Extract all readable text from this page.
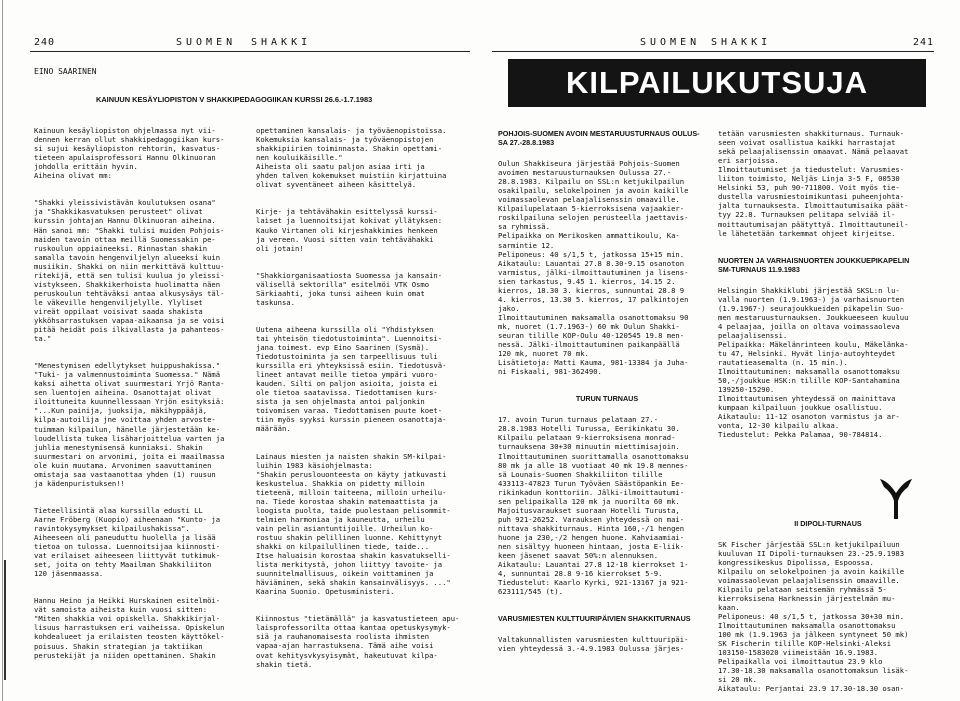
240	SUOMEN SHAKKI	SUOMEN SHAKKI	241
EINO SAARINEN
KAINUUN KESÄYLIOPISTON V SHAKKIPEDAGOGIIKAN KURSSI 26.6.-1.7.1983

Kainuun kesäyliopiston ohjelmassa nyt vii-
dennen kerran ollut shakkipedagogiikan kurs-
si sujui kesäyliopiston rehtorin, kasvatus-
tieteen apulaisprofessori Hannu Olkinuoran
johdolla erittäin hyvin.
Aiheina olivat mm:

"Shakki yleissivistävän koulutuksen osana"
ja "Shakkikasvatuksen perusteet" olivat
kurssin johtajan Hannu Olkinuoran aiheina.
Hän sanoi mm: "Shakki tulisi muiden Pohjois-
maiden tavoin ottaa meillä Suomessakin pe-
ruskoulun oppiaineeksi. Rinnastan shakin
samalla tavoin hengenviljelyn alueeksi kuin
musiikin. Shakki on niin merkittävä kulttuu-
ritekijä, että sen tulisi kuulua jo yleissi-
vistykseen. Shakkikerhoista huolimatta näen
peruskoulun tehtäväksi antaa alkusysäys täl-
le väkeville hengenviljelylle. Ylyliset
vireät oppilaat voisivat saada shakista
ykköhsarrastuksen vapaa-aikaansa ja se voisi
pitää heidät pois ilkivallasta ja pahanteos-
ta."

"Menestymisen edellytykset huippushakissa."
"Tuki- ja valmennustoiminta Suomessa." Nämä
kaksi aihetta olivat suurmestari Yrjö Ranta-
sen luentojen aiheina. Osanottajat olivat
iloittuneita kuunnellessaan Yrjön esityksiä:
"...Kun painija, juoksija, mäkihyppääjä,
kilpa-autoilija jne voittaa yhden arvoste-
tuimman kilpailun, hänelle järjestetään ke-
loudellista tukea lisäharjoittelua varten ja
juhlia menestymisensä kunniaksi. Shakin
suurmestari on arvonimi, joita ei maailmassa
ole kuin muutama. Arvonimen saavuttaminen
omistaja saa vastaanottaa yhden (1) ruusun
ja kädenpuristuksen!!

Tieteellisintä alaa kurssilla edusti LL
Aarne Fröberg (Kuopio) aiheenaan "Kunto- ja
ravintokysymykset kilpailushakissa".
Aiheeseen oli paneuduttu huolella ja lisää
tietoa on tulossa. Luennoitsijaa kiinnosti-
vat erilaiset aiheeseen liittyvät tutkimuk-
set, joita on tehty Maailman Shakkiliiton
120 jäsenmaassa.

Hannu Heino ja Heikki Hurskainen esitelmöi-
vät samoista aiheista kuin vuosi sitten:
"Miten shakkia voi opiskella. Shakkikirjal-
lisuus harrastuksen eri vaiheissa. Opiskelun
kohdealueet ja erilaisten teosten käyttökel-
poisuus. Shakin strategian ja taktiikan
perustekijät ja niiden opettaminen. Shakin

opettaminen kansalais- ja työväenopistoissa.
Kokemuksia kansalais- ja työväenopistojen
shakkipiirien toiminnasta. Shakin opettami-
nen kouluikäisille."
Aiheista oli saatu paljon asiaa irti ja
yhden talven kokemukset muistiin kirjattuina
olivat syventäneet aiheen käsittelyä.

Kirje- ja tehtävähakin esittelyssä kurssi-
laiset ja luennoitsijat kokivat yllätyksen:
Kauko Virtanen oli kirjeshakkimies henkeen
ja vereen. Vuosi sitten vain tehtävähakki
oli jotain!

"Shakkiorganisaatiosta Suomessa ja kansain-
välisellä sektorilla" esitelmöi VTK Osmo
Särkiaahti, joka tunsi aiheen kuin omat
taskunsa.

Uutena aiheena kurssilla oli "Yhdistyksen
tai yhteisön tiedotustoiminta". Luennoitsi-
jana toimest. evp Eino Saarinen (Sysmä).
Tiedotustoiminta ja sen tarpeellisuus tuli
kurssilla eri yhteyksissä esiin. Tiedotusvä-
lineet antavat meille tietoa ympäri vuoro-
kauden. Silti on paljon asioita, joista ei
ole tietoa saatavissa. Tiedottamisen kurs-
sista ja sen ohjelmasta antoi paljonkin
toivomisen varaa. Tiedottamisen puute koet-
tiin myös syyksi kurssin pieneen osanottaja-
määrään.

Lainaus miesten ja naisten shakin SM-kilpai-
luihin 1983 käsiohjelmasta:
"Shakin peruslouonteesta on käyty jatkuvasti
keskustelua. Shakkia on pidetty milloin
tieteenä, milloin taiteena, milloin urheilu-
na. Tiede korostaa shakin matemaattista ja
loogista puolta, taide puolestaan pelisommit-
telmien harmoniaa ja kauneutta, urheilu
vain pelin asiantuntijoille. Urheilun ko-
rostuu shakin pelillinen luonne. Kehittynyt
shakki on kilpailullinen tiede, taide...
Itse haluaisin korostaa shakin kasvatukselli-
lista merkitystä, johon liittyy tavoite- ja
suunnitelmallisuus, oikein voittaminen ja
häviäminen, sekä shakin kansainvälisyys. ..."
Kaarina Suonio. Opetusministeri.

Kiinnostus "tietämällä" ja kasvatustieteen apu-
laisprofessorilta ottaa kantaa opetuskysymyk-
siä ja rauhanomaisesta roolista ihmisten
vapaa-ajan harrastuksena. Tämä aihe voisi
ovat kehitysvkysyisymät, hakeutuvat kilpa-
shakin tietä.

KILPAILUKUTSUJA

POHJOIS-SUOMEN AVOIN MESTARUUSTURNAUS OULUS-
SA 27.-28.8.1983

Oulun Shakkiseura järjestää Pohjois-Suomen
avoimen mestaruusturnauksen Oulussa 27.-
28.8.1983. Kilpailu on SSL:n ketjukilpailun
osakilpailu, selokelpoinen ja avoin kaikille
voimassaolevan pelaajalisenssin omaaville.
Kilpailupelataan 5-kierroksisena vajaakier-
roskilpailuna selojen perusteella jaettavis-
sa ryhmissä.
Pelipaikka on Merikosken ammattikoulu, Ka-
sarmintie 12.
Peliponeus: 40 s/1,5 t, jatkossa 15+15 min.
Aikataulu: Lauantai 27.8 8.30-9.15 osanoton
varmistus, jälki-ilmoittautuminen ja lisens-
sien tarkastus, 9.45 1. kierros, 14.15 2.
kierros, 18.30 3. kierros, sunnuntai 28.8 9
4. kierros, 13.30 5. kierros, 17 palkintojen
jako.
Ilmoittautuminen maksamalla osanottomaksu 90
mk, nuoret (1.7.1963-) 60 mk Oulun Shakki-
seuran tilille KOP-Oulu 40-120545 19.8 men-
nessä. Jälki-ilmoittautuminen paikanpäällä
120 mk, nuoret 70 mk.
Lisätietoja: Matti Kauma, 981-13384 ja Juha-
ni Fiskaali, 981-362490.

TURUN TURNAUS

17. avoin Turun turnaus pelataan 27.-
28.8.1983 Hotelli Turussa, Eerikinkatu 30.
Kilpailu pelataan 9-kierroksisena monrad-
turnauksena 30+30 minuutin miettimisajoin.
Ilmoittautuminen suorittamalla osanottomaksu
80 mk ja alle 18 vuotiaat 40 mk 19.8 mennes-
sä Lounais-Suomen Shakkiliiton tilille
433113-47823 Turun Työväen Säästöpankin Ee-
rikinkadun konttoriin. Jälki-ilmoittautumi-
sen pelipaikalla 120 mk ja nuorilta 60 mk.
Majoitusvaraukset suoraan Hotelli Turusta,
puh 921-26252. Varauksen yhteydessä on mai-
nittava shakkiturnaus. Hinta 160,-/1 hengen
huone ja 230,-/2 hengen huone. Kahviaamiai-
nen sisältyy huoneen hintaan, josta E-liik-
keen jäsenet saavat 50%:n alennuksen.
Aikataulu: Lauantai 27.8 12-18 kierrokset 1-
4, sunnuntai 28.8 9-16 kierrokset 5-9.
Tiedustelut: Kaarlo Kyrki, 921-13167 ja 921-
623111/545 (t).

VARUSMIESTEN KULTTUURIPÄIVIEN SHAKKITURNAUS

Valtakunnallisten varusmiesten kulttuuripäi-
vien yhteydessä 3.-4.9.1983 Oulussa järjes-

tetään varusmiesten shakkiturnaus. Turnauk-
seen voivat osallistua kaikki harrastajat
sekä pelaajalisenssin omaavat. Nämä pelaavat
eri sarjoissa.
Ilmoittautumiset ja tiedustelut: Varusmies-
liiton toimisto, Neljäs Linja 3-5 F, 00530
Helsinki 53, puh 90-711800. Voit myös tie-
dustella varusmiestoimikuntasi puheenjohta-
jalta turnauksesta. Ilmoittautumisaika päät-
tyy 22.8. Turnauksen pelitapa selviää il-
moittautumisajan päätyttyä. Ilmoittautuneil-
le lähetetään tarkemmat ohjeet kirjeitse.

NUORTEN JA VARHAISNUORTEN JOUKKUEPIKAPELIN
SM-TURNAUS 11.9.1983

Helsingin Shakkiklubi järjestää SKSL:n lu-
valla nuorten (1.9.1963-) ja varhaisnuorten
(1.9.1967-) seurajoukkueiden pikapelin Suo-
men mestaruusturnauksen. Joukkueeseen kuuluu
4 pelaajaa, joilla on oltava voimassaoleva
pelaajalisenssi.
Pelipaikka: Mäkelänrinteen koulu, Mäkelänka-
tu 47, Helsinki. Hyvät linja-autoyhteydet
rautatieasemalta (n. 15 min.).
Ilmoittautuminen: maksamalla osanottomaksu
50,-/joukkue HSK:n tilille KOP-Santahamina
139250-15290.
Ilmoittautumisen yhteydessä on mainittava
kumpaan kilpailuun joukkue osallistuu.
Aikataulu: 11-12 osanoton varmistus ja ar-
vonta, 12-30 kilpailu alkaa.
Tiedustelut: Pekka Palamaa, 90-784814.

II DIPOLI-TURNAUS

SK Fischer järjestää SSL:n ketjukilpailuun
kuuluvan II Dipoli-turnauksen 23.-25.9.1983
kongressikeskus Dipolissa, Espoossa.
Kilpailu on selokelpoinen ja avoin kaikille
voimassaolevan pelaajalisenssin omaaville.
Kilpailu pelataan seitsemän ryhmässä 5-
kierroksisena Harknessin järjestelmän mu-
kaan.
Peliponeus: 40 s/1,5 t, jatkossa 30+30 min.
Ilmoittautuminen maksamalla osanottomaksu
100 mk (1.9.1963 ja jälkeen syntyneet 50 mk)
SK Fischerin tilille KOP-Helsinki-Aleksi
103150-1583020 viimeistään 16.9.1983.
Pelipaikalla voi ilmoittautua 23.9 klo
17.30-18.30 maksamalla osanottomaksun lisäk-
si 20 mk.
Aikataulu: Perjantai 23.9 17.30-18.30 osan-
